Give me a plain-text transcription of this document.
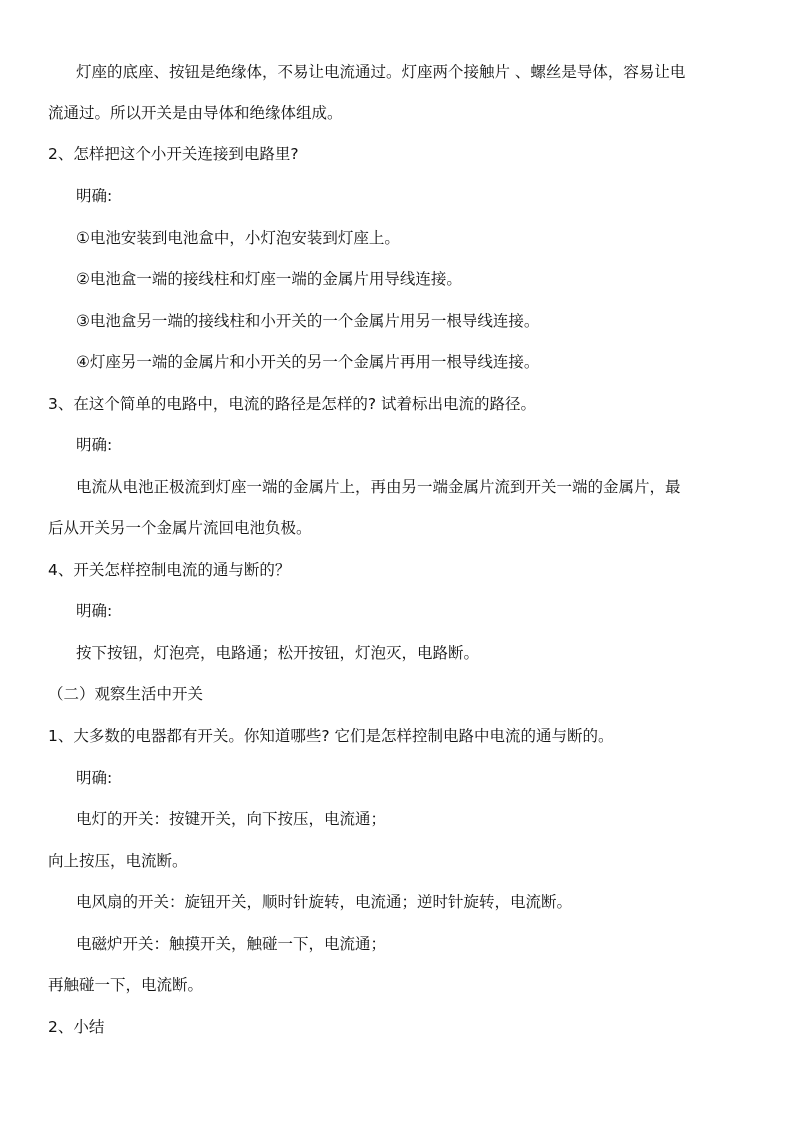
灯座的底座、按钮是绝缘体，不易让电流通过。灯座两个接触片 、螺丝是导体，容易让电
流通过。所以开关是由导体和绝缘体组成。
2、怎样把这个小开关连接到电路里?
明确:
①电池安装到电池盒中，小灯泡安装到灯座上。
②电池盒一端的接线柱和灯座一端的金属片用导线连接。
③电池盒另一端的接线柱和小开关的一个金属片用另一根导线连接。
④灯座另一端的金属片和小开关的另一个金属片再用一根导线连接。
3、在这个简单的电路中，电流的路径是怎样的? 试着标出电流的路径。
明确:
电流从电池正极流到灯座一端的金属片上，再由另一端金属片流到开关一端的金属片，最
后从开关另一个金属片流回电池负极。
4、开关怎样控制电流的通与断的？
明确:
按下按钮，灯泡亮，电路通；松开按钮，灯泡灭，电路断。
（二）观察生活中开关
1、大多数的电器都有开关。你知道哪些? 它们是怎样控制电路中电流的通与断的。
明确:
电灯的开关：按键开关，向下按压，电流通；
向上按压，电流断。
电风扇的开关：旋钮开关，顺时针旋转，电流通；逆时针旋转，电流断。
电磁炉开关：触摸开关，触碰一下，电流通；
再触碰一下，电流断。
2、小结
